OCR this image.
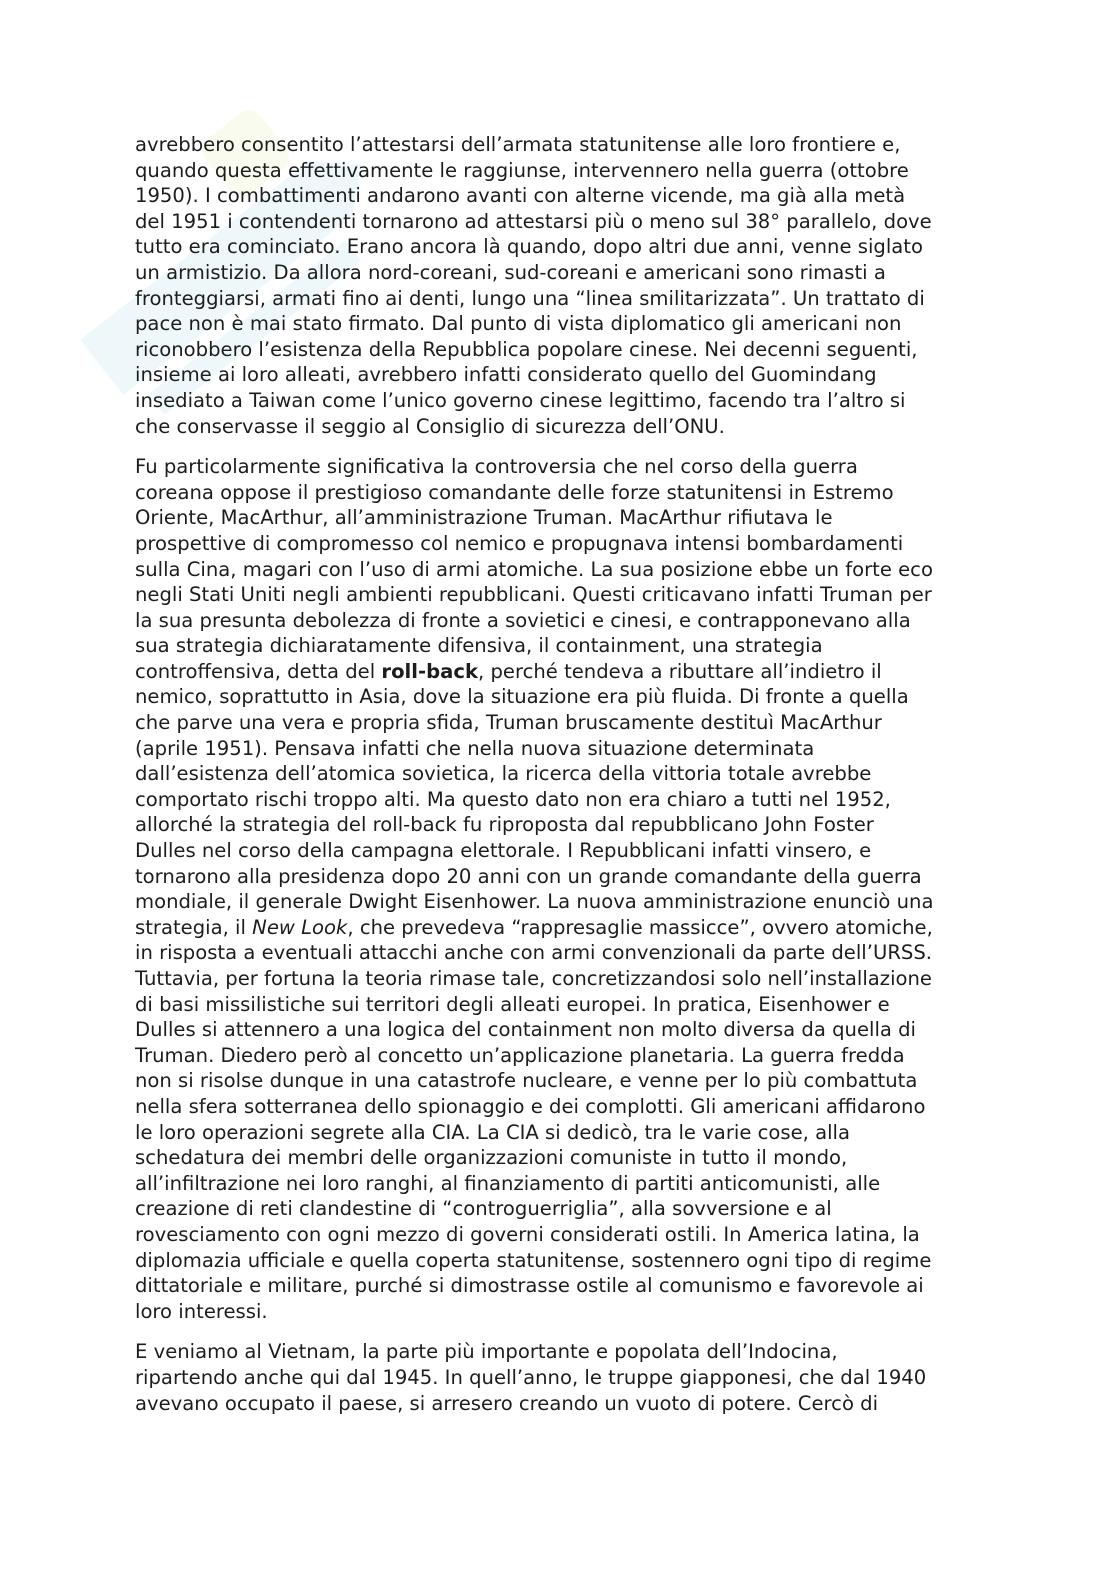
avrebbero consentito l’attestarsi dell’armata statunitense alle loro frontiere e,
quando questa effettivamente le raggiunse, intervennero nella guerra (ottobre
1950). I combattimenti andarono avanti con alterne vicende, ma già alla metà
del 1951 i contendenti tornarono ad attestarsi più o meno sul 38° parallelo, dove
tutto era cominciato. Erano ancora là quando, dopo altri due anni, venne siglato
un armistizio. Da allora nord-coreani, sud-coreani e americani sono rimasti a
fronteggiarsi, armati fino ai denti, lungo una “linea smilitarizzata”. Un trattato di
pace non è mai stato firmato. Dal punto di vista diplomatico gli americani non
riconobbero l’esistenza della Repubblica popolare cinese. Nei decenni seguenti,
insieme ai loro alleati, avrebbero infatti considerato quello del Guomindang
insediato a Taiwan come l’unico governo cinese legittimo, facendo tra l’altro si
che conservasse il seggio al Consiglio di sicurezza dell’ONU.
Fu particolarmente significativa la controversia che nel corso della guerra
coreana oppose il prestigioso comandante delle forze statunitensi in Estremo
Oriente, MacArthur, all’amministrazione Truman. MacArthur rifiutava le
prospettive di compromesso col nemico e propugnava intensi bombardamenti
sulla Cina, magari con l’uso di armi atomiche. La sua posizione ebbe un forte eco
negli Stati Uniti negli ambienti repubblicani. Questi criticavano infatti Truman per
la sua presunta debolezza di fronte a sovietici e cinesi, e contrapponevano alla
sua strategia dichiaratamente difensiva, il containment, una strategia
controffensiva, detta del roll-back, perché tendeva a ributtare all’indietro il
nemico, soprattutto in Asia, dove la situazione era più fluida. Di fronte a quella
che parve una vera e propria sfida, Truman bruscamente destituì MacArthur
(aprile 1951). Pensava infatti che nella nuova situazione determinata
dall’esistenza dell’atomica sovietica, la ricerca della vittoria totale avrebbe
comportato rischi troppo alti. Ma questo dato non era chiaro a tutti nel 1952,
allorché la strategia del roll-back fu riproposta dal repubblicano John Foster
Dulles nel corso della campagna elettorale. I Repubblicani infatti vinsero, e
tornarono alla presidenza dopo 20 anni con un grande comandante della guerra
mondiale, il generale Dwight Eisenhower. La nuova amministrazione enunciò una
strategia, il New Look, che prevedeva “rappresaglie massicce”, ovvero atomiche,
in risposta a eventuali attacchi anche con armi convenzionali da parte dell’URSS.
Tuttavia, per fortuna la teoria rimase tale, concretizzandosi solo nell’installazione
di basi missilistiche sui territori degli alleati europei. In pratica, Eisenhower e
Dulles si attennero a una logica del containment non molto diversa da quella di
Truman. Diedero però al concetto un’applicazione planetaria. La guerra fredda
non si risolse dunque in una catastrofe nucleare, e venne per lo più combattuta
nella sfera sotterranea dello spionaggio e dei complotti. Gli americani affidarono
le loro operazioni segrete alla CIA. La CIA si dedicò, tra le varie cose, alla
schedatura dei membri delle organizzazioni comuniste in tutto il mondo,
all’infiltrazione nei loro ranghi, al finanziamento di partiti anticomunisti, alle
creazione di reti clandestine di “controguerriglia”, alla sovversione e al
rovesciamento con ogni mezzo di governi considerati ostili. In America latina, la
diplomazia ufficiale e quella coperta statunitense, sostennero ogni tipo di regime
dittatoriale e militare, purché si dimostrasse ostile al comunismo e favorevole ai
loro interessi.
E veniamo al Vietnam, la parte più importante e popolata dell’Indocina,
ripartendo anche qui dal 1945. In quell’anno, le truppe giapponesi, che dal 1940
avevano occupato il paese, si arresero creando un vuoto di potere. Cercò di
